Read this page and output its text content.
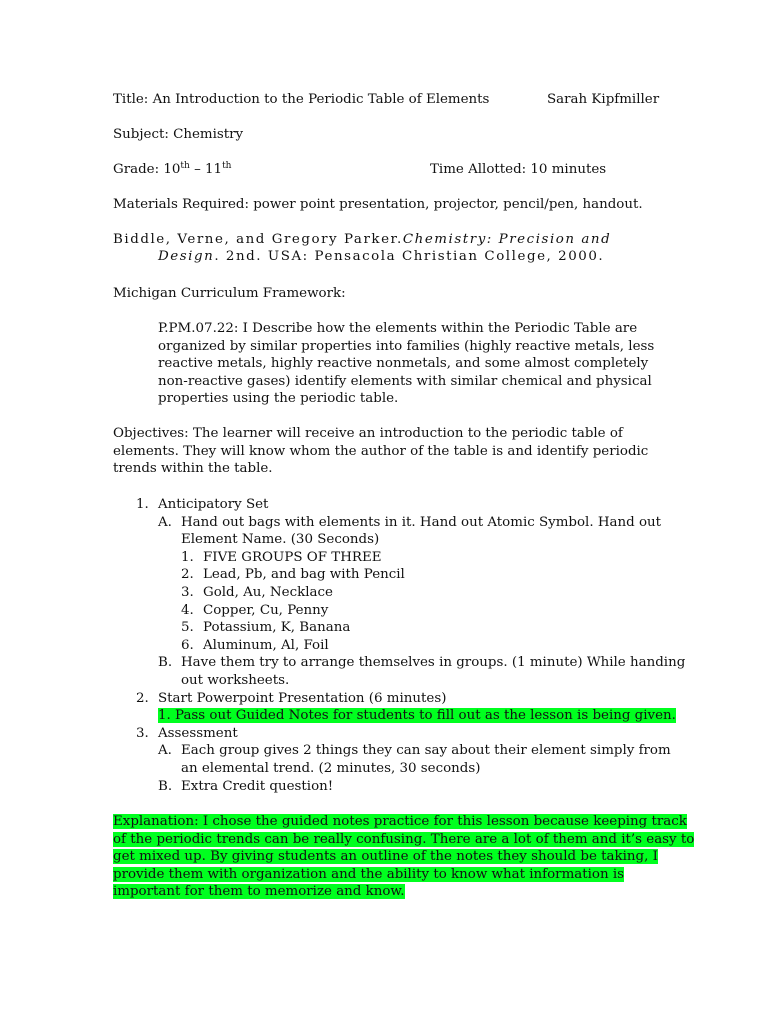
Title: An Introduction to the Periodic Table of Elements	Sarah Kipfmiller
Subject: Chemistry
Grade: 10th – 11th	Time Allotted: 10 minutes
Materials Required: power point presentation, projector, pencil/pen, handout.
Biddle, Verne, and Gregory Parker.Chemistry: Precision and
Design. 2nd. USA: Pensacola Christian College, 2000.
Michigan Curriculum Framework:
P.PM.07.22: I Describe how the elements within the Periodic Table are
organized by similar properties into families (highly reactive metals, less
reactive metals, highly reactive nonmetals, and some almost completely
non-reactive gases) identify elements with similar chemical and physical
properties using the periodic table.
Objectives: The learner will receive an introduction to the periodic table of
elements. They will know whom the author of the table is and identify periodic
trends within the table.
1. Anticipatory Set
A. Hand out bags with elements in it. Hand out Atomic Symbol. Hand out
Element Name. (30 Seconds)
1. FIVE GROUPS OF THREE
2. Lead, Pb, and bag with Pencil
3. Gold, Au, Necklace
4. Copper, Cu, Penny
5. Potassium, K, Banana
6. Aluminum, Al, Foil
B. Have them try to arrange themselves in groups. (1 minute) While handing
out worksheets.
2. Start Powerpoint Presentation (6 minutes)
1. Pass out Guided Notes for students to fill out as the lesson is being given.
3. Assessment
A. Each group gives 2 things they can say about their element simply from
an elemental trend. (2 minutes, 30 seconds)
B. Extra Credit question!
Explanation: I chose the guided notes practice for this lesson because keeping track
of the periodic trends can be really confusing. There are a lot of them and it’s easy to
get mixed up. By giving students an outline of the notes they should be taking, I
provide them with organization and the ability to know what information is
important for them to memorize and know.
